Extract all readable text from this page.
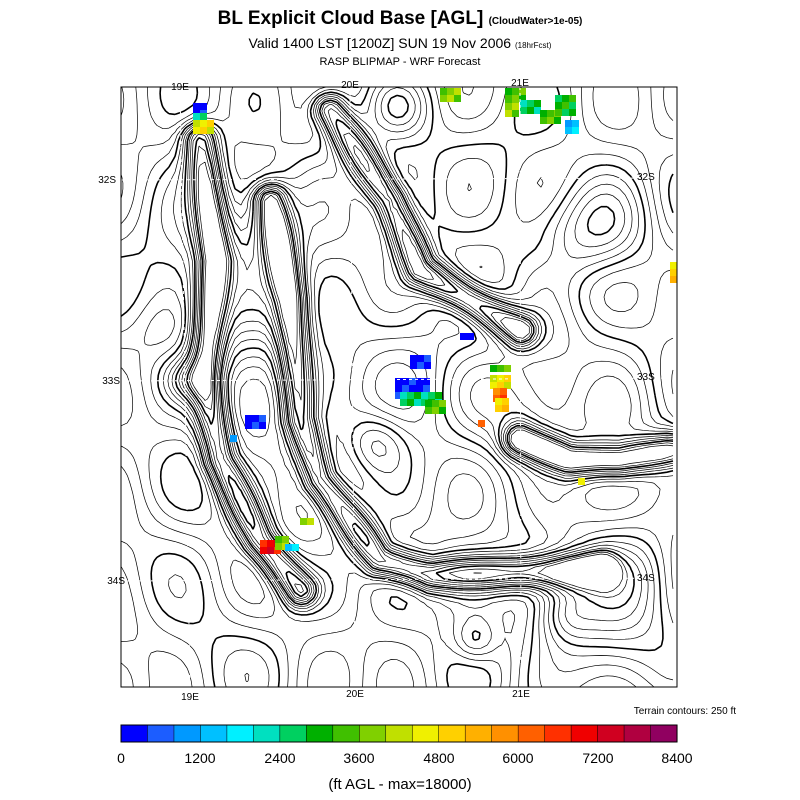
BL Explicit Cloud Base [AGL] (CloudWater>1e-05)
Valid 1400 LST [1200Z] SUN 19 Nov 2006 (18hrFcst)
RASP BLIPMAP - WRF Forecast
19E	20E	21E
19E	20E	21E
32S
33S
34S
32S
33S
34S
Terrain contours: 250 ft
0	1200	2400	3600	4800	6000	7200	8400
(ft AGL - max=18000)
